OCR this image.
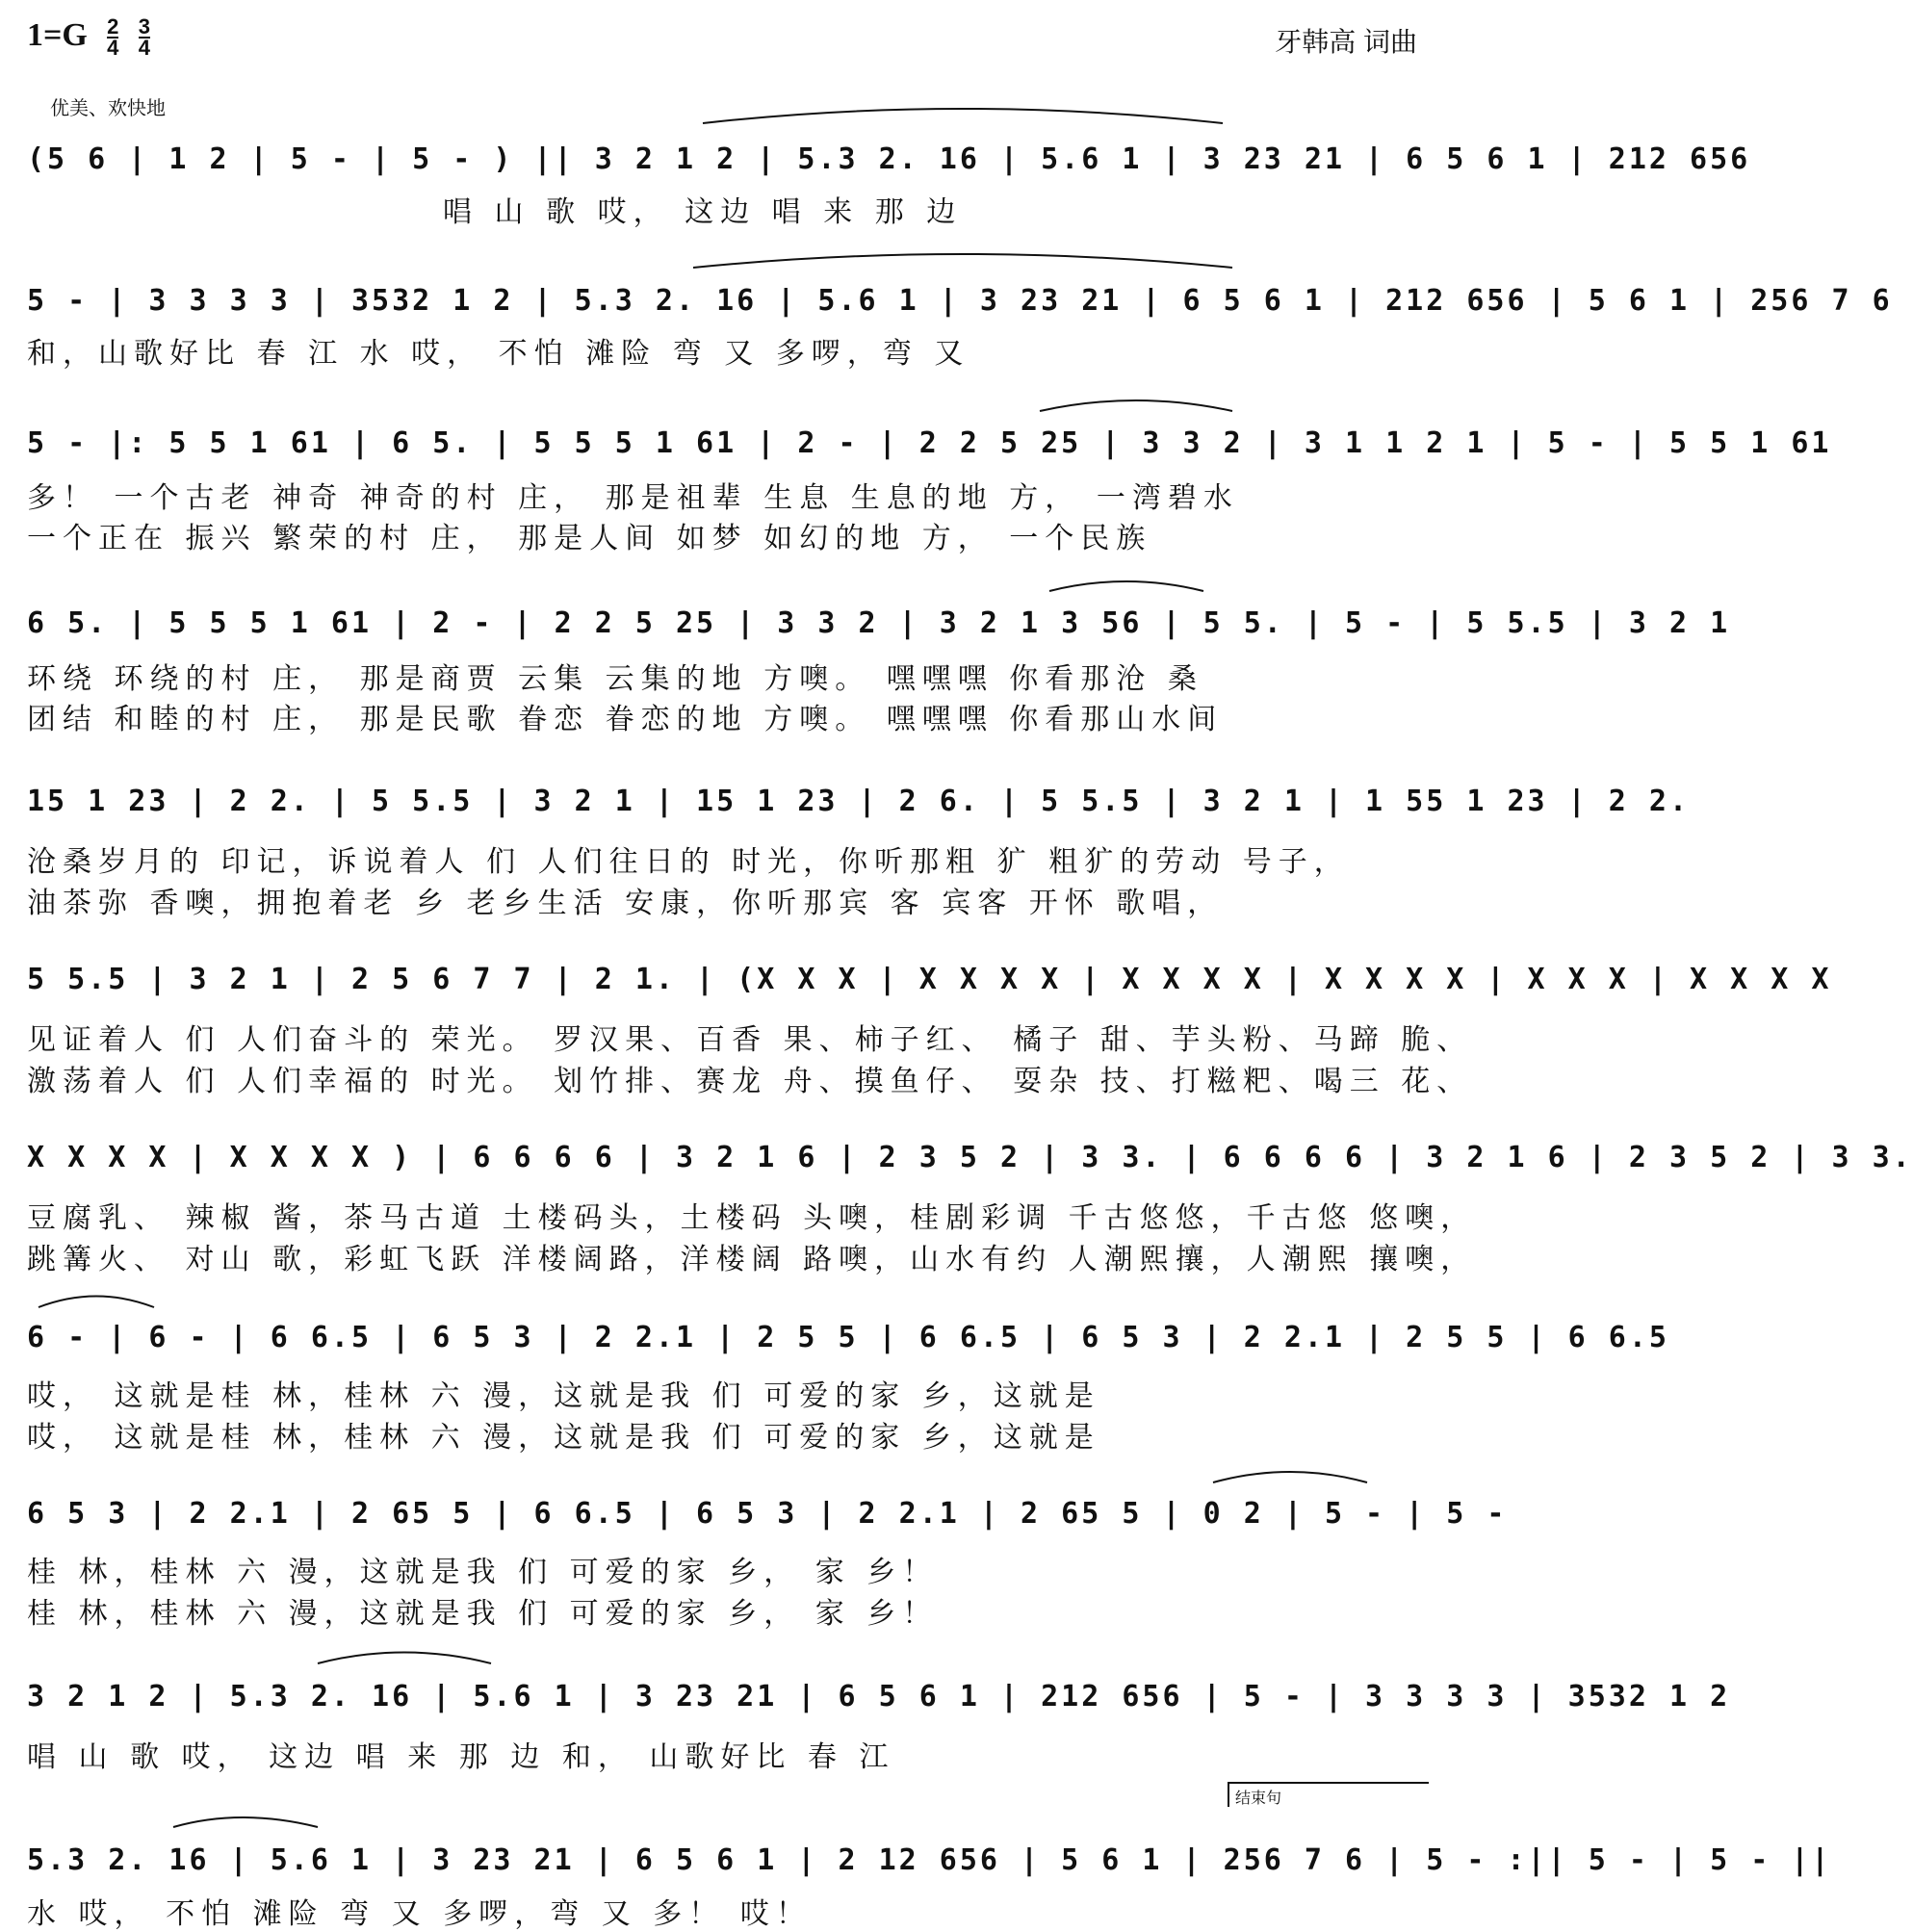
$1=G \frac{2}{4}$
$\frac{3}{4}$	牙韩高 词曲
优美、欢快地
(5 6 | 1 2 | 5 - | 5 - ) || 3 2 1 2 | 5.3 2. 16 | 5.6 1 | 3 23 21 | 6 5 6 1 | 212 656
唱 山 歌 哎， 这边 唱 来 那 边
5 - | 3 3 3 3 | 3532 1 2 | 5.3 2. 16 | 5.6 1 | 3 23 21 | 6 5 6 1 | 212 656 | 5 6 1 | 256 7 6
和，山歌好比 春 江 水 哎， 不怕 滩险 弯 又 多啰，弯 又
5 - |: 5 5 1 61 | 6 5. | 5 5 5 1 61 | 2 - | 2 2 5 25 | 3 3 2 | 3 1 1 2 1 | 5 - | 5 5 1 61
多！ 一个古老 神奇 神奇的村 庄， 那是祖辈 生息 生息的地 方， 一湾碧水
一个正在 振兴 繁荣的村 庄， 那是人间 如梦 如幻的地 方， 一个民族
6 5. | 5 5 5 1 61 | 2 - | 2 2 5 25 | 3 3 2 | 3 2 1 3 56 | 5 5. | 5 - | 5 5.5 | 3 2 1
环绕 环绕的村 庄， 那是商贾 云集 云集的地 方噢。 嘿嘿嘿 你看那沧 桑
团结 和睦的村 庄， 那是民歌 眷恋 眷恋的地 方噢。 嘿嘿嘿 你看那山水间
15 1 23 | 2 2. | 5 5.5 | 3 2 1 | 15 1 23 | 2 6. | 5 5.5 | 3 2 1 | 1 55 1 23 | 2 2.
沧桑岁月的 印记，诉说着人 们 人们往日的 时光，你听那粗 犷 粗犷的劳动 号子，
油茶弥 香噢，拥抱着老 乡 老乡生活 安康，你听那宾 客 宾客 开怀 歌唱，
5 5.5 | 3 2 1 | 2 5 6 7 7 | 2 1. | (X X X | X X X X | X X X X | X X X X | X X X | X X X X
见证着人 们 人们奋斗的 荣光。 罗汉果、百香 果、柿子红、 橘子 甜、芋头粉、马蹄 脆、
激荡着人 们 人们幸福的 时光。 划竹排、赛龙 舟、摸鱼仔、 耍杂 技、打糍粑、喝三 花、
X X X X | X X X X ) | 6 6 6 6 | 3 2 1 6 | 2 3 5 2 | 3 3. | 6 6 6 6 | 3 2 1 6 | 2 3 5 2 | 3 3.
豆腐乳、 辣椒 酱，茶马古道 土楼码头，土楼码 头噢，桂剧彩调 千古悠悠，千古悠 悠噢，
跳篝火、 对山 歌，彩虹飞跃 洋楼阔路，洋楼阔 路噢，山水有约 人潮熙攘，人潮熙 攘噢，
6 - | 6 - | 6 6.5 | 6 5 3 | 2 2.1 | 2 5 5 | 6 6.5 | 6 5 3 | 2 2.1 | 2 5 5 | 6 6.5
哎， 这就是桂 林，桂林 六 漫，这就是我 们 可爱的家 乡，这就是
哎， 这就是桂 林，桂林 六 漫，这就是我 们 可爱的家 乡，这就是
6 5 3 | 2 2.1 | 2 65 5 | 6 6.5 | 6 5 3 | 2 2.1 | 2 65 5 | 0 2 | 5 - | 5 -
桂 林，桂林 六 漫，这就是我 们 可爱的家 乡， 家 乡！
桂 林，桂林 六 漫，这就是我 们 可爱的家 乡， 家 乡！
3 2 1 2 | 5.3 2. 16 | 5.6 1 | 3 23 21 | 6 5 6 1 | 212 656 | 5 - | 3 3 3 3 | 3532 1 2
唱 山 歌 哎， 这边 唱 来 那 边 和， 山歌好比 春 江
结束句
5.3 2. 16 | 5.6 1 | 3 23 21 | 6 5 6 1 | 2 12 656 | 5 6 1 | 256 7 6 | 5 - :|| 5 - | 5 - ||
水 哎， 不怕 滩险 弯 又 多啰，弯 又 多！ 哎！
